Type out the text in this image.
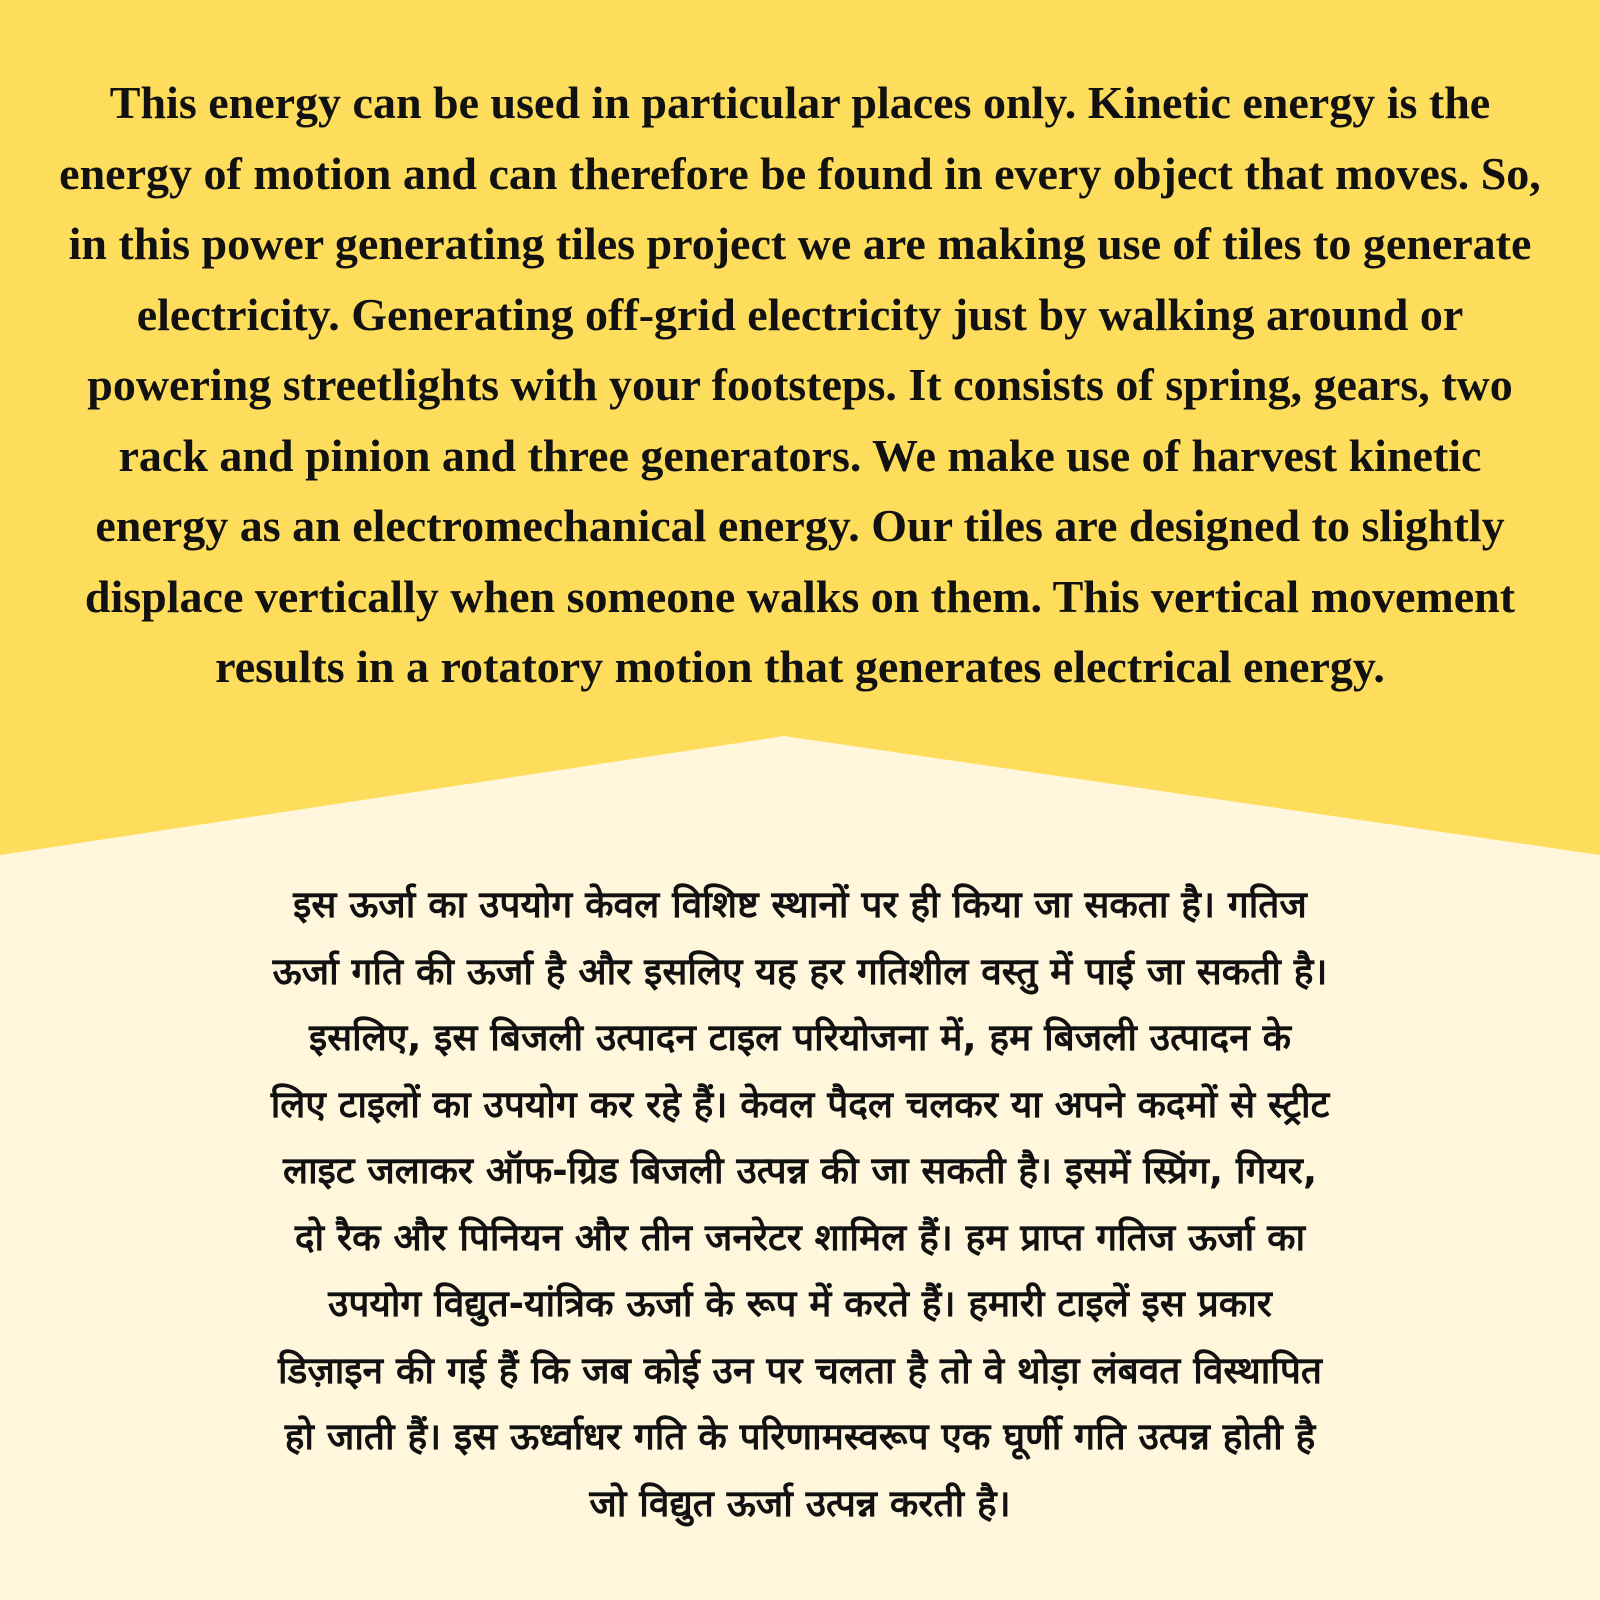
This energy can be used in particular places only. Kinetic energy is the
energy of motion and can therefore be found in every object that moves. So,
in this power generating tiles project we are making use of tiles to generate
electricity. Generating off-grid electricity just by walking around or
powering streetlights with your footsteps. It consists of spring, gears, two
rack and pinion and three generators. We make use of harvest kinetic
energy as an electromechanical energy. Our tiles are designed to slightly
displace vertically when someone walks on them. This vertical movement
results in a rotatory motion that generates electrical energy.

इस ऊर्जा का उपयोग केवल विशिष्ट स्थानों पर ही किया जा सकता है। गतिज
ऊर्जा गति की ऊर्जा है और इसलिए यह हर गतिशील वस्तु में पाई जा सकती है।
इसलिए, इस बिजली उत्पादन टाइल परियोजना में, हम बिजली उत्पादन के
लिए टाइलों का उपयोग कर रहे हैं। केवल पैदल चलकर या अपने कदमों से स्ट्रीट
लाइट जलाकर ऑफ-ग्रिड बिजली उत्पन्न की जा सकती है। इसमें स्प्रिंग, गियर,
दो रैक और पिनियन और तीन जनरेटर शामिल हैं। हम प्राप्त गतिज ऊर्जा का
उपयोग विद्युत-यांत्रिक ऊर्जा के रूप में करते हैं। हमारी टाइलें इस प्रकार
डिज़ाइन की गई हैं कि जब कोई उन पर चलता है तो वे थोड़ा लंबवत विस्थापित
हो जाती हैं। इस ऊर्ध्वाधर गति के परिणामस्वरूप एक घूर्णी गति उत्पन्न होती है
जो विद्युत ऊर्जा उत्पन्न करती है।
